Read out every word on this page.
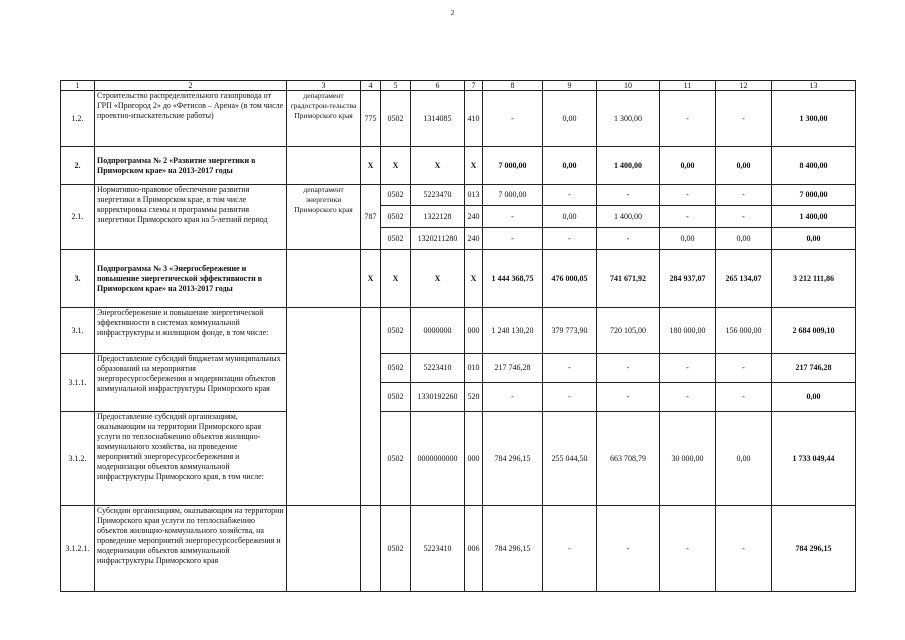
2
1	2	3	4	5	6	7	8	9	10	11	12	13
1.2.	Строительство распределительного газопровода от ГРП «Пригород 2» до «Фетисов – Арена» (в том числе проектно-изыскательские работы)	департамент градострои-тельства Приморского края	775	0502	1314085	410	-	0,00	1 300,00	-	-	1 300,00
2.	Подпрограмма № 2 «Развитие энергетики в Приморском крае» на 2013-2017 годы		X	X	X	X	7 000,00	0,00	1 400,00	0,00	0,00	8 400,00
2.1.	Нормативно-правовое обеспечение развития энергетики в Приморском крае, в том числе корректировка схемы и программы развития энергетики Приморского края на 5-летний период	департамент энергетики Приморского края	787	0502	5223470	013	7 000,00	-	-	-	-	7 000,00
				0502	1322128	240	-	0,00	1 400,00	-	-	1 400,00
				0502	1320211280	240	-	-	-	0,00	0,00	0,00
3.	Подпрограмма № 3 «Энергосбережение и повышение энергетической эффективности в Приморском крае» на 2013-2017 годы		X	X	X	X	1 444 368,75	476 000,05	741 671,92	284 937,07	265 134,07	3 212 111,86
3.1.	Энергосбережение и повышение энергетической эффективности в системах коммунальной инфраструктуры и жилищном фонде, в том числе:			0502	0000000	000	1 248 130,20	379 773,90	720 105,00	180 000,00	156 000,00	2 684 009,10
3.1.1.	Предоставление субсидий бюджетам муниципальных образований на мероприятия энергоресурсосбережения и модернизации объектов коммунальной инфраструктуры Приморского края			0502	5223410	010	217 746,28	-	-	-	-	217 746,28
				0502	1330192260	520	-	-	-	-	-	0,00
3.1.2.	Предоставление субсидий организациям, оказывающим на территории Приморского края услуги по теплоснабжению объектов жилищно-коммунального хозяйства, на проведение мероприятий энергоресурсосбережения и модернизации объектов коммунальной инфраструктуры Приморского края, в том числе:			0502	0000000000	000	784 296,15	255 044,50	663 708,79	30 000,00	0,00	1 733 049,44
3.1.2.1.	Субсидии организациям, оказывающим на территории Приморского края услуги по теплоснабжению объектов жилищно-коммунального хозяйства, на проведение мероприятий энергоресурсосбережения и модернизации объектов коммунальной инфраструктуры Приморского края			0502	5223410	006	784 296,15	-	-	-	-	784 296,15
